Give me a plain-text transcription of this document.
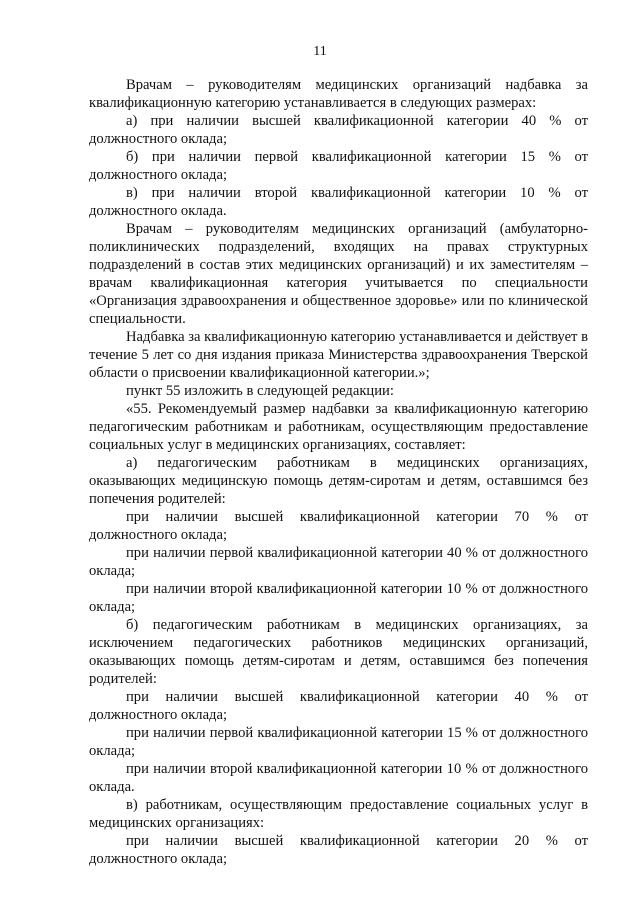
11

Врачам – руководителям медицинских организаций надбавка за квалификационную категорию устанавливается в следующих размерах:

а) при наличии высшей квалификационной категории 40 % от должностного оклада;

б) при наличии первой квалификационной категории 15 % от должностного оклада;

в) при наличии второй квалификационной категории 10 % от должностного оклада.

Врачам – руководителям медицинских организаций (амбулаторно-поликлинических подразделений, входящих на правах структурных подразделений в состав этих медицинских организаций) и их заместителям – врачам квалификационная категория учитывается по специальности «Организация здравоохранения и общественное здоровье» или по клинической специальности.

Надбавка за квалификационную категорию устанавливается и действует в течение 5 лет со дня издания приказа Министерства здравоохранения Тверской области о присвоении квалификационной категории.»;

пункт 55 изложить в следующей редакции:

«55. Рекомендуемый размер надбавки за квалификационную категорию педагогическим работникам и работникам, осуществляющим предоставление социальных услуг в медицинских организациях, составляет:

а) педагогическим работникам в медицинских организациях, оказывающих медицинскую помощь детям-сиротам и детям, оставшимся без попечения родителей:

при наличии высшей квалификационной категории 70 % от должностного оклада;

при наличии первой квалификационной категории 40 % от должностного оклада;

при наличии второй квалификационной категории 10 % от должностного оклада;

б) педагогическим работникам в медицинских организациях, за исключением педагогических работников медицинских организаций, оказывающих помощь детям-сиротам и детям, оставшимся без попечения родителей:

при наличии высшей квалификационной категории 40 % от должностного оклада;

при наличии первой квалификационной категории 15 % от должностного оклада;

при наличии второй квалификационной категории 10 % от должностного оклада.

в) работникам, осуществляющим предоставление социальных услуг в медицинских организациях:

при наличии высшей квалификационной категории 20 % от должностного оклада;
